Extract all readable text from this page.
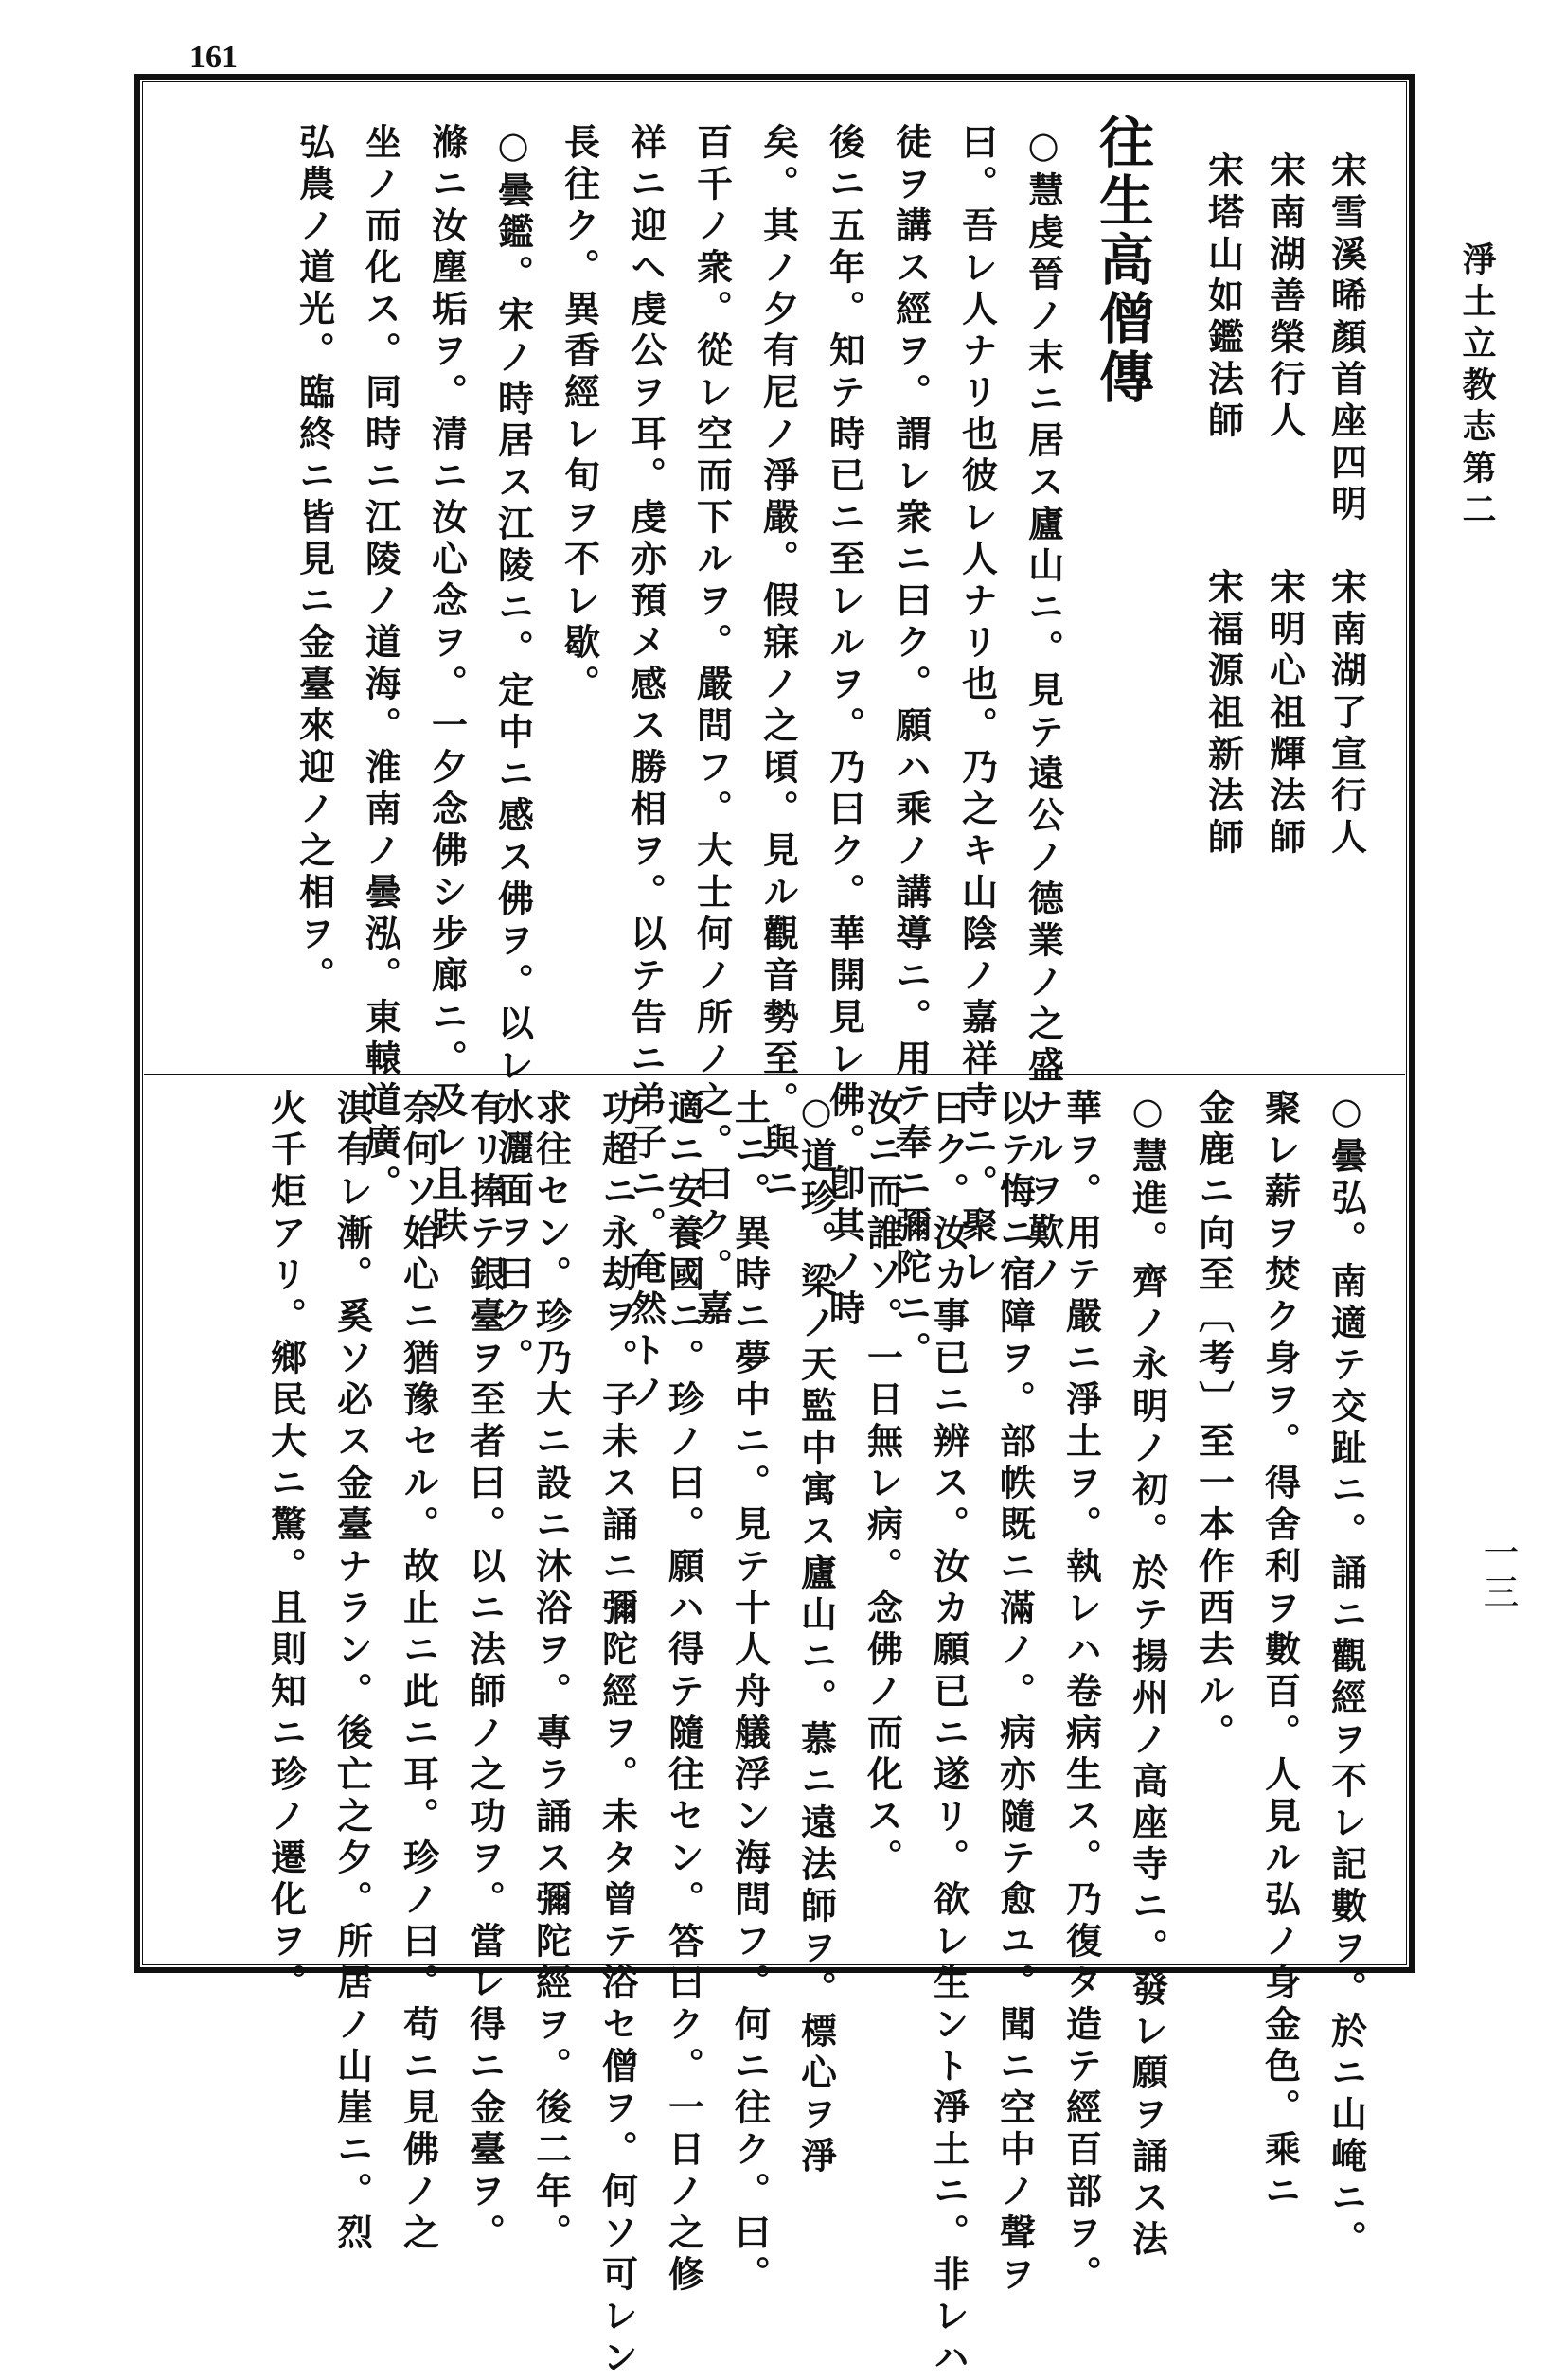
161
淨土立教志第二
一三
宋雪溪晞顏首座四明
宋南湖善榮行人
宋塔山如鑑法師
宋南湖了宣行人
宋明心祖輝法師
宋福源祖新法師
往生高僧傳
○慧虔晉ノ末ニ居ス廬山ニ。見テ遠公ノ德業ノ之盛ナルヲ歎ノ
曰。吾レ人ナリ也彼レ人ナリ也。乃之キ山陰ノ嘉祥寺ニ。聚レ
徒ヲ講ス經ヲ。謂レ衆ニ曰ク。願ハ乘ノ講導ニ。用テ奉ニ彌陀ニ。
後ニ五年。知テ時已ニ至レルヲ。乃曰ク。華開見レ佛。卽其ノ時
矣。其ノ夕有尼ノ淨嚴。假寐ノ之頃。見ル觀音勢至。與ニ
百千ノ衆。從レ空而下ルヲ。嚴問フ。大士何ノ所ノ之。曰ク。嘉
祥ニ迎ヘ虔公ヲ耳。虔亦預メ感ス勝相ヲ。以テ告ニ弟子ニ。奄然トノ
長往ク。異香經レ旬ヲ不レ歇。
○曇鑑。宋ノ時居ス江陵ニ。定中ニ感ス佛ヲ。以レ水灑面ヲ曰ク。
滌ニ汝塵垢ヲ。清ニ汝心念ヲ。一夕念佛シ步廊ニ。及レ且趺
坐ノ而化ス。同時ニ江陵ノ道海。淮南ノ曇泓。東轅道廣。
弘農ノ道光。臨終ニ皆見ニ金臺來迎ノ之相ヲ。
○曇弘。南適テ交趾ニ。誦ニ觀經ヲ不レ記數ヲ。於ニ山崦ニ。
聚レ薪ヲ焚ク身ヲ。得舍利ヲ數百。人見ル弘ノ身金色。乘ニ
金鹿ニ向至〔考〕至一本作西去ル。
○慧進。齊ノ永明ノ初。於テ揚州ノ高座寺ニ。發レ願ヲ誦ス法
華ヲ。用テ嚴ニ淨土ヲ。執レハ卷病生ス。乃復タ造テ經百部ヲ。
以テ悔ニ宿障ヲ。部帙既ニ滿ノ。病亦隨テ愈ユ。聞ニ空中ノ聲ヲ
曰ク。汝カ事已ニ辨ス。汝カ願已ニ遂リ。欲レ生ント淨土ニ。非レハ
汝ニ而誰ソ。一日無レ病。念佛ノ而化ス。
○道珍。梁ノ天監中寓ス廬山ニ。慕ニ遠法師ヲ。標心ヲ淨
土ニ。異時ニ夢中ニ。見テ十人舟艤浮ン海問フ。何ニ往ク。曰。
適ニ安養國ニ。珍ノ曰。願ハ得テ隨往セン。答曰ク。一日ノ之修
功超ニ永劫ヲ。子未ス誦ニ彌陀經ヲ。未タ曾テ浴セ僧ヲ。何ソ可レン
求往セン。珍乃大ニ設ニ沐浴ヲ。專ラ誦ス彌陀經ヲ。後二年。
有リ捧テ銀臺ヲ至者曰。以ニ法師ノ之功ヲ。當レ得ニ金臺ヲ。
奈何ソ始心ニ猶豫セル。故止ニ此ニ耳。珍ノ曰。苟ニ見佛ノ之
淇有レ漸。奚ソ必ス金臺ナラン。後亡之夕。所居ノ山崖ニ。烈
火千炬アリ。鄉民大ニ驚。且則知ニ珍ノ遷化ヲ。
